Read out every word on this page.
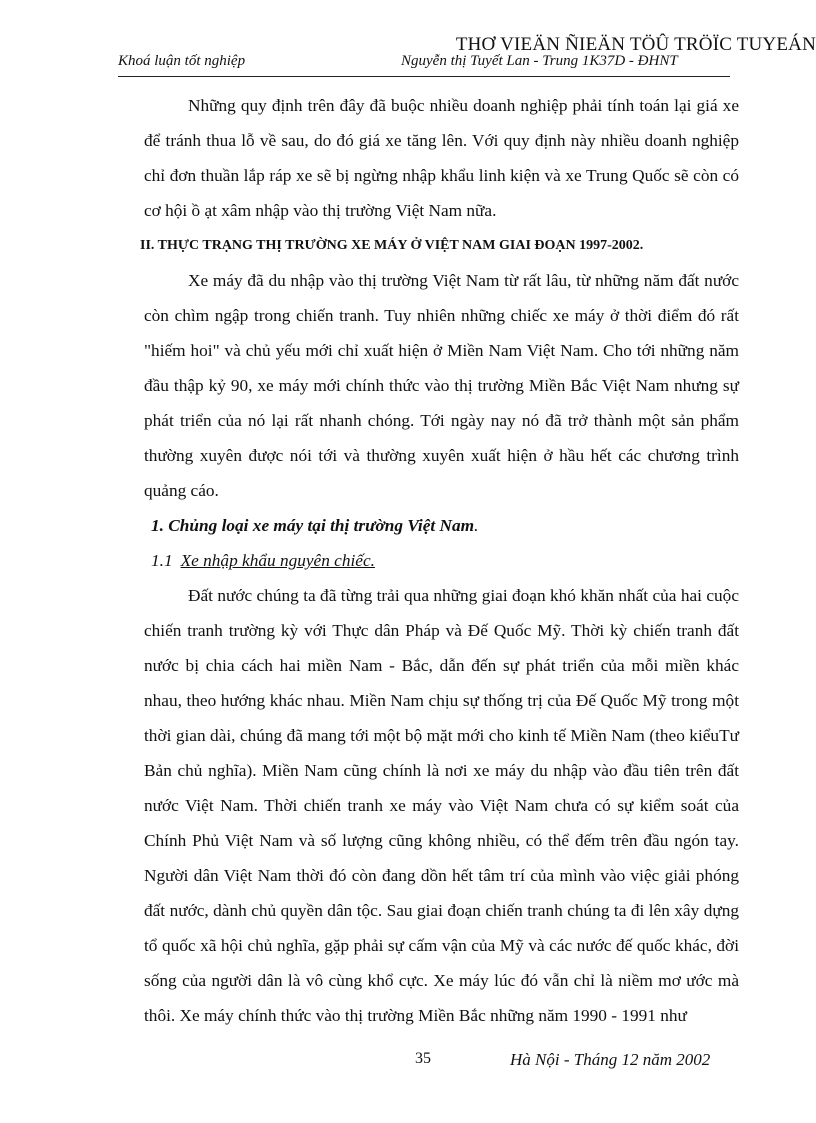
THƠ VIEÄN ÑIEÄN TÖÛ TRÖÏC TUYEÁN
Khoá luận tốt nghiệp	Nguyễn thị Tuyết Lan - Trung 1K37D - ĐHNT

Những quy định trên đây đã buộc nhiều doanh nghiệp phải tính toán lại giá xe để tránh thua lỗ về sau, do đó giá xe tăng lên. Với quy định này nhiều doanh nghiệp chỉ đơn thuần lắp ráp xe sẽ bị ngừng nhập khẩu linh kiện và xe Trung Quốc sẽ còn có cơ hội ồ ạt xâm nhập vào thị trường Việt Nam nữa.

II. THỰC TRẠNG THỊ TRƯỜNG XE MÁY Ở VIỆT NAM GIAI ĐOẠN 1997-2002.

Xe máy đã du nhập vào thị trường Việt Nam từ rất lâu, từ những năm đất nước còn chìm ngập trong chiến tranh. Tuy nhiên những chiếc xe máy ở thời điểm đó rất "hiếm hoi" và chủ yếu mới chỉ xuất hiện ở Miền Nam Việt Nam. Cho tới những năm đầu thập kỷ 90, xe máy mới chính thức vào thị trường Miền Bắc Việt Nam nhưng sự phát triển của nó lại rất nhanh chóng. Tới ngày nay nó đã trở thành một sản phẩm thường xuyên được nói tới và thường xuyên xuất hiện ở hầu hết các chương trình quảng cáo.

1. Chủng loại xe máy tại thị trường Việt Nam.

1.1 Xe nhập khẩu nguyên chiếc.

Đất nước chúng ta đã từng trải qua những giai đoạn khó khăn nhất của hai cuộc chiến tranh trường kỳ với Thực dân Pháp và Đế Quốc Mỹ. Thời kỳ chiến tranh đất nước bị chia cách hai miền Nam - Bắc, dẫn đến sự phát triển của mỗi miền khác nhau, theo hướng khác nhau. Miền Nam chịu sự thống trị của Đế Quốc Mỹ trong một thời gian dài, chúng đã mang tới một bộ mặt mới cho kinh tế Miền Nam (theo kiểuTư Bản chủ nghĩa). Miền Nam cũng chính là nơi xe máy du nhập vào đầu tiên trên đất nước Việt Nam. Thời chiến tranh xe máy vào Việt Nam chưa có sự kiểm soát của Chính Phủ Việt Nam và số lượng cũng không nhiều, có thể đếm trên đầu ngón tay. Người dân Việt Nam thời đó còn đang dồn hết tâm trí của mình vào việc giải phóng đất nước, dành chủ quyền dân tộc. Sau giai đoạn chiến tranh chúng ta đi lên xây dựng tổ quốc xã hội chủ nghĩa, gặp phải sự cấm vận của Mỹ và các nước đế quốc khác, đời sống của người dân là vô cùng khổ cực. Xe máy lúc đó vẫn chỉ là niềm mơ ước mà thôi. Xe máy chính thức vào thị trường Miền Bắc những năm 1990 - 1991 như

35	Hà Nội - Tháng 12 năm 2002
